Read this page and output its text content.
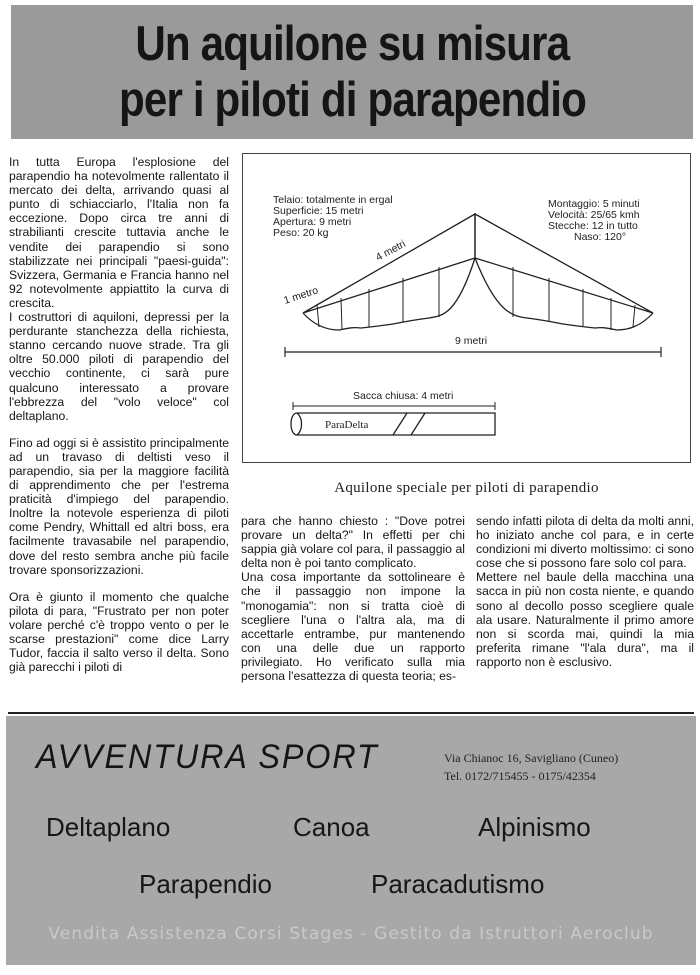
Un aquilone su misura
per i piloti di parapendio

In tutta Europa l'esplosione del parapendio ha notevolmente rallentato il mercato dei delta, arrivando quasi al punto di schiacciarlo, l'Italia non fa eccezione. Dopo circa tre anni di strabilianti crescite tuttavia anche le vendite dei parapendio si sono stabilizzate nei principali "paesi-guida": Svizzera, Germania e Francia hanno nel 92 notevolmente appiattito la curva di crescita.

I costruttori di aquiloni, depressi per la perdurante stanchezza della richiesta, stanno cercando nuove strade. Tra gli oltre 50.000 piloti di parapendio del vecchio continente, ci sarà pure qualcuno interessato a provare l'ebbrezza del "volo veloce" col deltaplano.

Fino ad oggi si è assistito principalmente ad un travaso di deltisti veso il parapendio, sia per la maggiore facilità di apprendimento che per l'estrema praticità d'impiego del parapendio. Inoltre la notevole esperienza di piloti come Pendry, Whittall ed altri boss, era facilmente travasabile nel parapendio, dove del resto sembra anche più facile trovare sponsorizzazioni.

Ora è giunto il momento che qualche pilota di para, "Frustrato per non poter volare perché c'è troppo vento o per le scarse prestazioni" come dice Larry Tudor, faccia il salto verso il delta. Sono già parecchi i piloti di

Telaio: totalmente in ergal
Superficie: 15 metri
Apertura: 9 metri
Peso: 20 kg
Montaggio: 5 minuti
Velocità: 25/65 kmh
Stecche: 12 in tutto
Naso: 120°
4 metri
1 metro
9 metri
Sacca chiusa: 4 metri
ParaDelta
Aquilone speciale per piloti di parapendio

para che hanno chiesto : "Dove potrei provare un delta?" In effetti per chi sappia già volare col para, il passaggio al delta non è poi tanto complicato.

Una cosa importante da sottolineare è che il passaggio non impone la "monogamia": non si tratta cioè di scegliere l'una o l'altra ala, ma di accettarle entrambe, pur mantenendo con una delle due un rapporto privilegiato. Ho verificato sulla mia persona l'esattezza di questa teoria; es-

sendo infatti pilota di delta da molti anni, ho iniziato anche col para, e in certe condizioni mi diverto moltissimo: ci sono cose che si possono fare solo col para.

Mettere nel baule della macchina una sacca in più non costa niente, e quando sono al decollo posso scegliere quale ala usare. Naturalmente il primo amore non si scorda mai, quindi la mia preferita rimane "l'ala dura", ma il rapporto non è esclusivo.

AVVENTURA SPORT	Via Chianoc 16, Savigliano (Cuneo)
Tel. 0172/715455 - 0175/42354
Deltaplano	Canoa	Alpinismo
Parapendio	Paracadutismo
Vendita Assistenza Corsi Stages - Gestito da Istruttori Aeroclub
